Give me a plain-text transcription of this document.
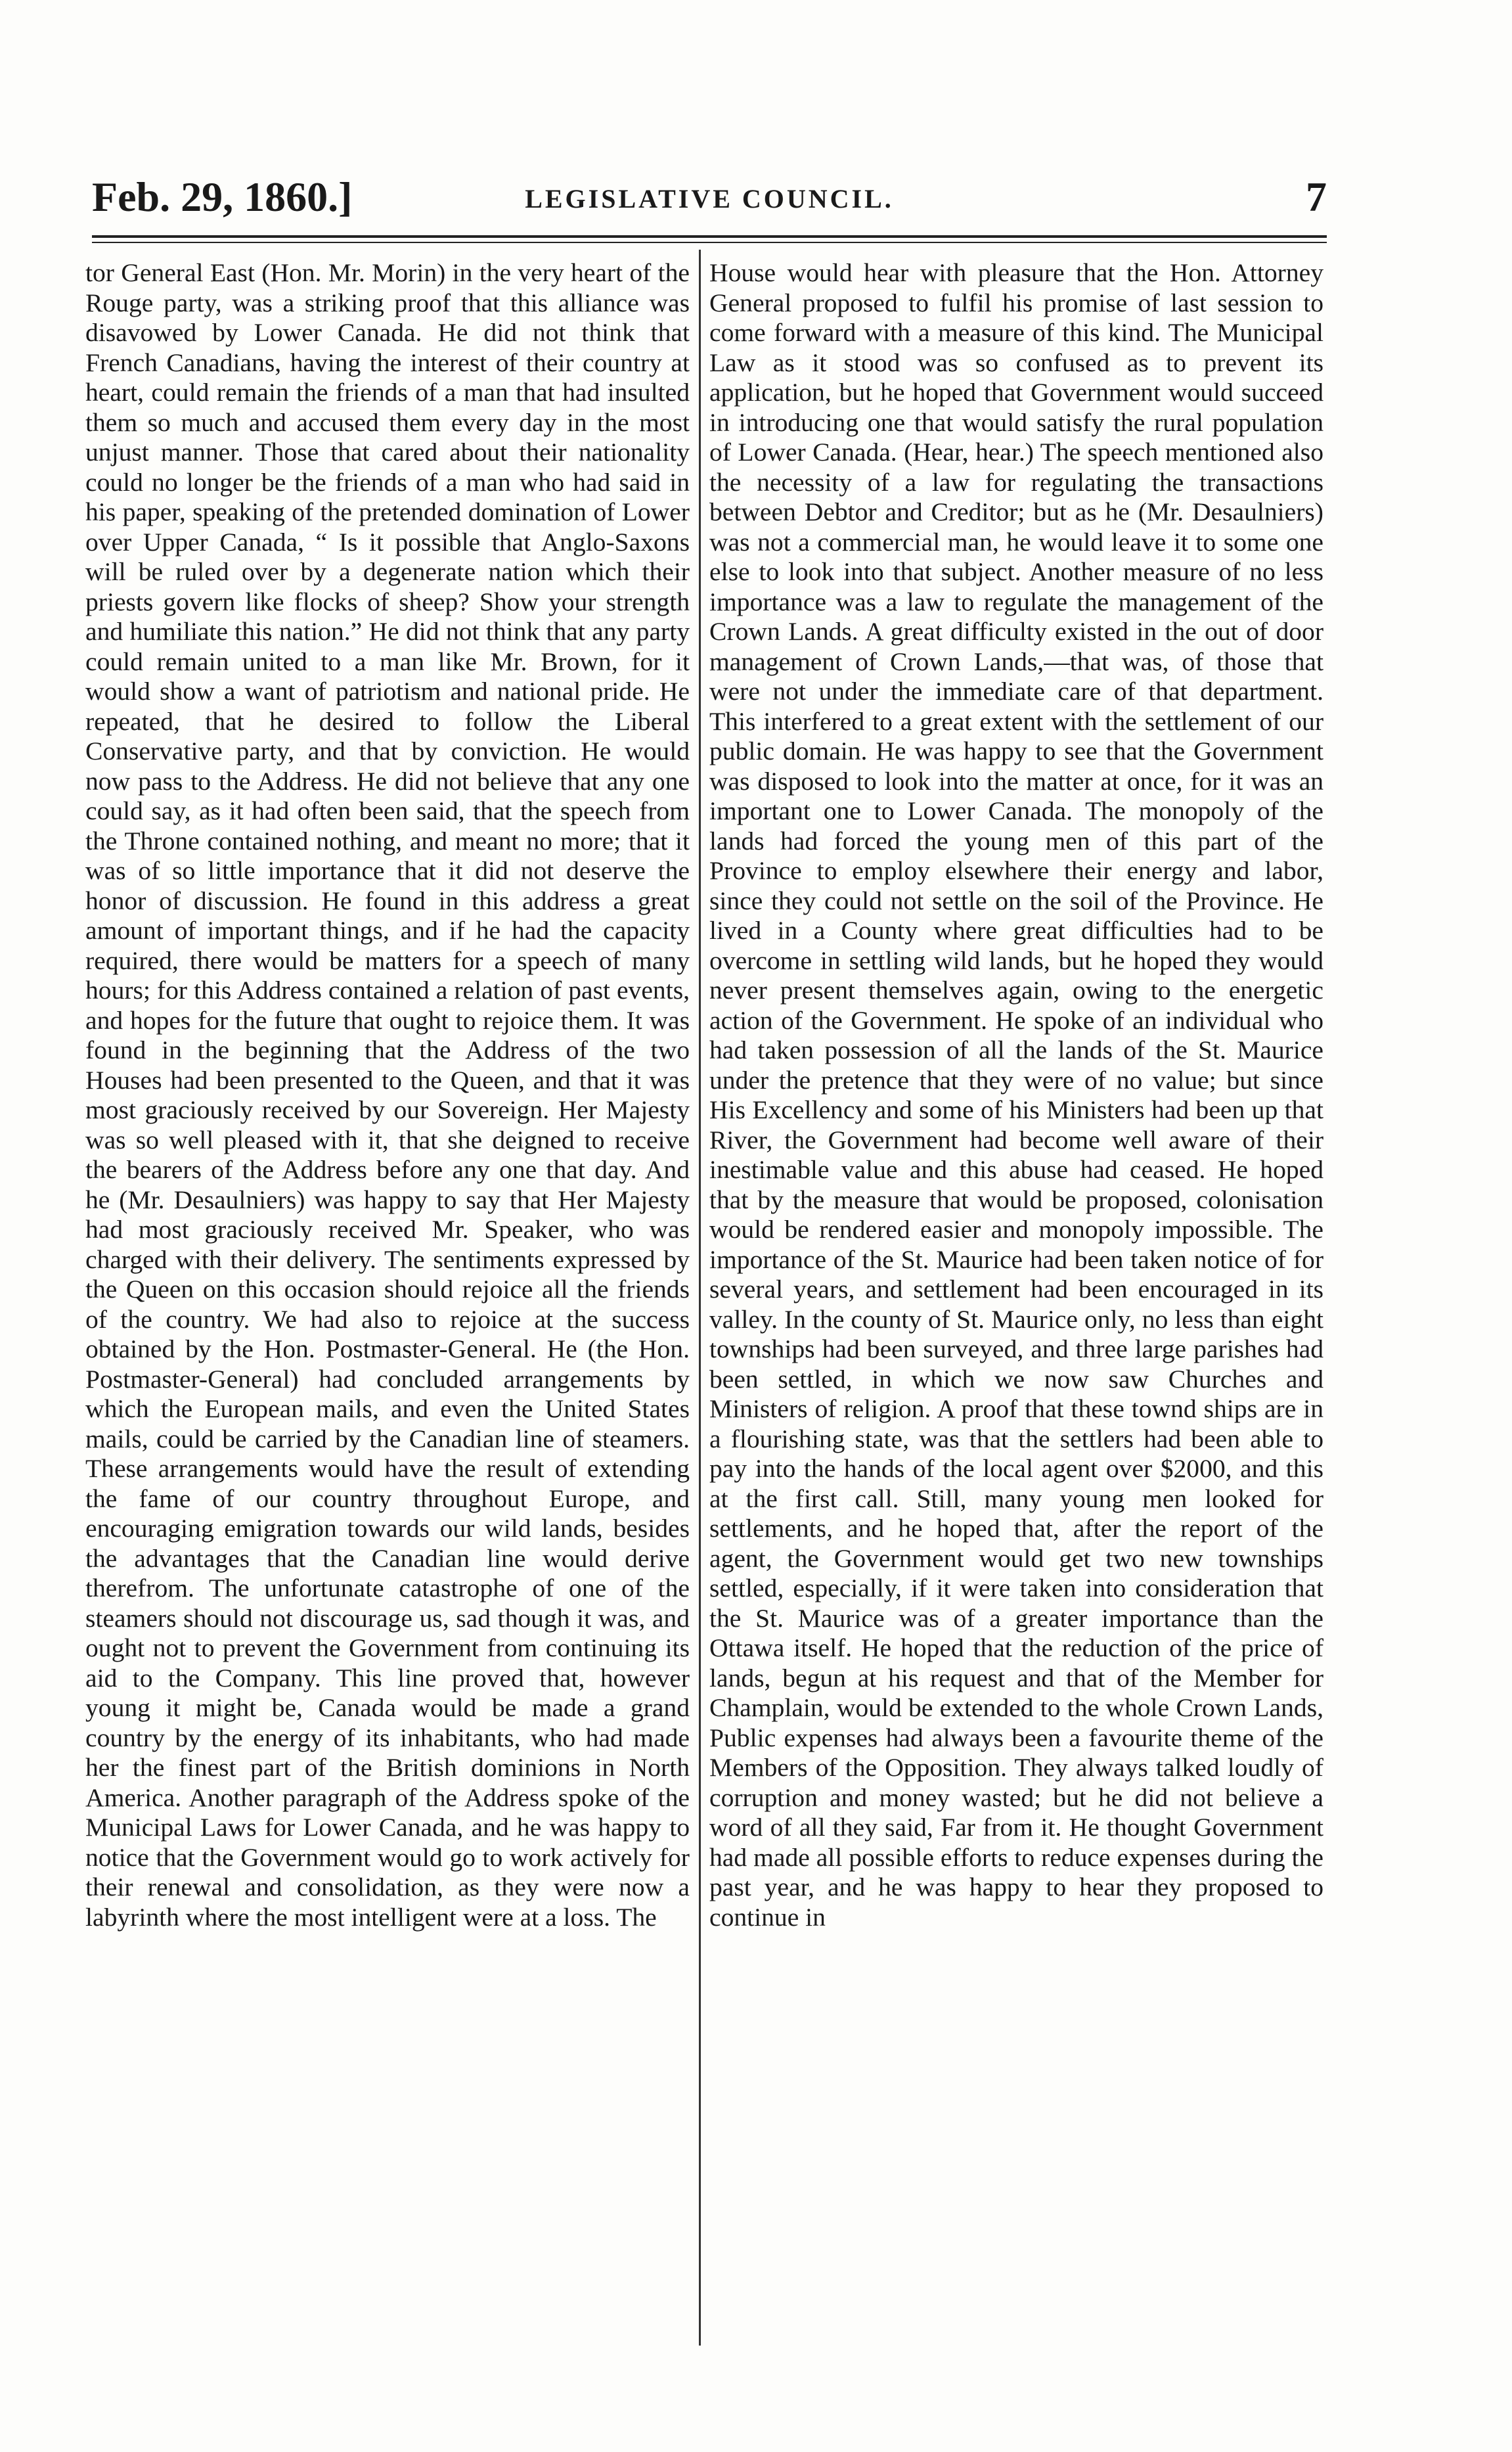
Feb. 29, 1860.]	LEGISLATIVE COUNCIL.	7

tor General East (Hon. Mr. Morin) in the very heart of the Rouge party, was a striking proof that this alliance was disavowed by Lower Canada. He did not think that French Canadians, having the interest of their country at heart, could remain the friends of a man that had insulted them so much and accused them every day in the most unjust manner. Those that cared about their nationality could no longer be the friends of a man who had said in his paper, speaking of the pretended domination of Lower over Upper Canada, “ Is it possible that Anglo-Saxons will be ruled over by a degenerate nation which their priests govern like flocks of sheep? Show your strength and humiliate this nation.” He did not think that any party could remain united to a man like Mr. Brown, for it would show a want of patriotism and national pride. He repeated, that he desired to follow the Liberal Conservative party, and that by conviction. He would now pass to the Address. He did not believe that any one could say, as it had often been said, that the speech from the Throne contained nothing, and meant no more; that it was of so little importance that it did not deserve the honor of discussion. He found in this address a great amount of important things, and if he had the capacity required, there would be matters for a speech of many hours; for this Address contained a relation of past events, and hopes for the future that ought to rejoice them. It was found in the beginning that the Address of the two Houses had been presented to the Queen, and that it was most graciously received by our Sovereign. Her Majesty was so well pleased with it, that she deigned to receive the bearers of the Address before any one that day. And he (Mr. Desaulniers) was happy to say that Her Majesty had most graciously received Mr. Speaker, who was charged with their delivery. The sentiments expressed by the Queen on this occasion should rejoice all the friends of the country. We had also to rejoice at the success obtained by the Hon. Postmaster-General. He (the Hon. Postmaster-General) had concluded arrangements by which the European mails, and even the United States mails, could be carried by the Canadian line of steamers. These arrangements would have the result of extending the fame of our country throughout Europe, and encouraging emigration towards our wild lands, besides the advantages that the Canadian line would derive therefrom. The unfortunate catastrophe of one of the steamers should not discourage us, sad though it was, and ought not to prevent the Government from continuing its aid to the Company. This line proved that, however young it might be, Canada would be made a grand country by the energy of its inhabitants, who had made her the finest part of the British dominions in North America. Another paragraph of the Address spoke of the Municipal Laws for Lower Canada, and he was happy to notice that the Government would go to work actively for their renewal and consolidation, as they were now a labyrinth where the most intelligent were at a loss. The

House would hear with pleasure that the Hon. Attorney General proposed to fulfil his promise of last session to come forward with a measure of this kind. The Municipal Law as it stood was so confused as to prevent its application, but he hoped that Government would succeed in introducing one that would satisfy the rural population of Lower Canada. (Hear, hear.) The speech mentioned also the necessity of a law for regulating the transactions between Debtor and Creditor; but as he (Mr. Desaulniers) was not a commercial man, he would leave it to some one else to look into that subject. Another measure of no less importance was a law to regulate the management of the Crown Lands. A great difficulty existed in the out of door management of Crown Lands,—that was, of those that were not under the immediate care of that department. This interfered to a great extent with the settlement of our public domain. He was happy to see that the Government was disposed to look into the matter at once, for it was an important one to Lower Canada. The monopoly of the lands had forced the young men of this part of the Province to employ elsewhere their energy and labor, since they could not settle on the soil of the Province. He lived in a County where great difficulties had to be overcome in settling wild lands, but he hoped they would never present themselves again, owing to the energetic action of the Government. He spoke of an individual who had taken possession of all the lands of the St. Maurice under the pretence that they were of no value; but since His Excellency and some of his Ministers had been up that River, the Government had become well aware of their inestimable value and this abuse had ceased. He hoped that by the measure that would be proposed, colonisation would be rendered easier and monopoly impossible. The importance of the St. Maurice had been taken notice of for several years, and settlement had been encouraged in its valley. In the county of St. Maurice only, no less than eight townships had been surveyed, and three large parishes had been settled, in which we now saw Churches and Ministers of religion. A proof that these townd ships are in a flourishing state, was that the settlers had been able to pay into the hands of the local agent over $2000, and this at the first call. Still, many young men looked for settlements, and he hoped that, after the report of the agent, the Government would get two new townships settled, especially, if it were taken into consideration that the St. Maurice was of a greater importance than the Ottawa itself. He hoped that the reduction of the price of lands, begun at his request and that of the Member for Champlain, would be extended to the whole Crown Lands, Public expenses had always been a favourite theme of the Members of the Opposition. They always talked loudly of corruption and money wasted; but he did not believe a word of all they said, Far from it. He thought Government had made all possible efforts to reduce expenses during the past year, and he was happy to hear they proposed to continue in
